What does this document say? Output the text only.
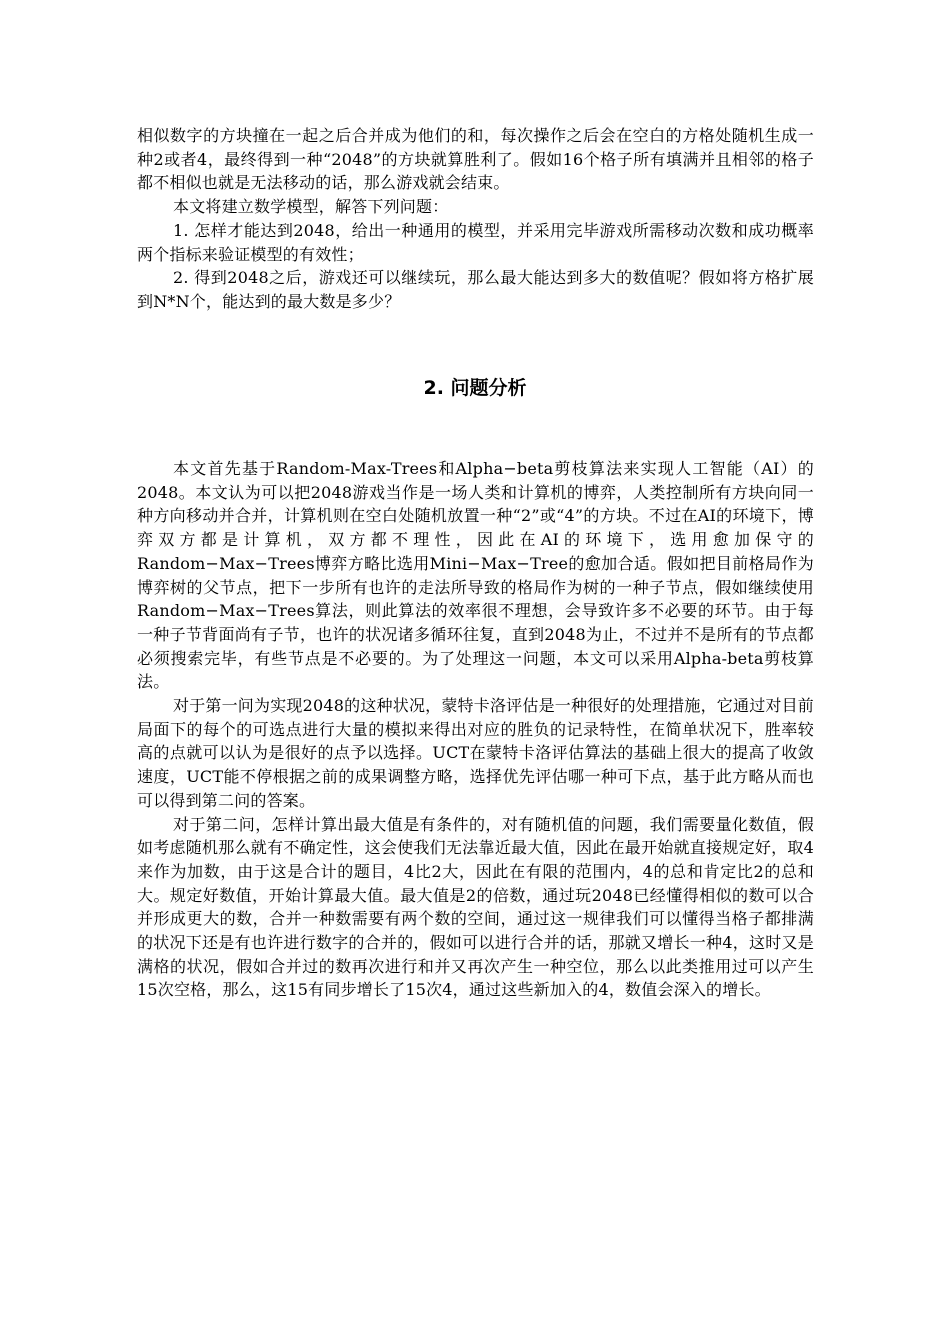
相似数字的方块撞在一起之后合并成为他们的和，每次操作之后会在空白的方格处随机生成一种2或者4，最终得到一种“2048”的方块就算胜利了。假如16个格子所有填满并且相邻的格子都不相似也就是无法移动的话，那么游戏就会结束。

本文将建立数学模型，解答下列问题：

1. 怎样才能达到2048，给出一种通用的模型，并采用完毕游戏所需移动次数和成功概率两个指标来验证模型的有效性；

2. 得到2048之后，游戏还可以继续玩，那么最大能达到多大的数值呢？假如将方格扩展到N*N个，能达到的最大数是多少？

2. 问题分析

本文首先基于Random-Max-Trees和Alpha−beta剪枝算法来实现人工智能（AI）的2048。本文认为可以把2048游戏当作是一场人类和计算机的博弈，人类控制所有方块向同一种方向移动并合并，计算机则在空白处随机放置一种“2”或“4”的方块。不过在AI的环境下，博弈双方都是计算机，双方都不理性，因此在AI的环境下，选用愈加保守的Random−Max−Trees博弈方略比选用Mini−Max−Tree的愈加合适。假如把目前格局作为博弈树的父节点，把下一步所有也许的走法所导致的格局作为树的一种子节点，假如继续使用Random−Max−Trees算法，则此算法的效率很不理想，会导致许多不必要的环节。由于每一种子节背面尚有子节，也许的状况诸多循环往复，直到2048为止，不过并不是所有的节点都必须搜索完毕，有些节点是不必要的。为了处理这一问题，本文可以采用Alpha-beta剪枝算法。

对于第一问为实现2048的这种状况，蒙特卡洛评估是一种很好的处理措施，它通过对目前局面下的每个的可选点进行大量的模拟来得出对应的胜负的记录特性，在简单状况下，胜率较高的点就可以认为是很好的点予以选择。UCT在蒙特卡洛评估算法的基础上很大的提高了收敛速度，UCT能不停根据之前的成果调整方略，选择优先评估哪一种可下点，基于此方略从而也可以得到第二问的答案。

对于第二问，怎样计算出最大值是有条件的，对有随机值的问题，我们需要量化数值，假如考虑随机那么就有不确定性，这会使我们无法靠近最大值，因此在最开始就直接规定好，取4来作为加数，由于这是合计的题目，4比2大，因此在有限的范围内，4的总和肯定比2的总和大。规定好数值，开始计算最大值。最大值是2的倍数，通过玩2048已经懂得相似的数可以合并形成更大的数，合并一种数需要有两个数的空间，通过这一规律我们可以懂得当格子都排满的状况下还是有也许进行数字的合并的，假如可以进行合并的话，那就又增长一种4，这时又是满格的状况，假如合并过的数再次进行和并又再次产生一种空位，那么以此类推用过可以产生15次空格，那么，这15有同步增长了15次4，通过这些新加入的4，数值会深入的增长。
